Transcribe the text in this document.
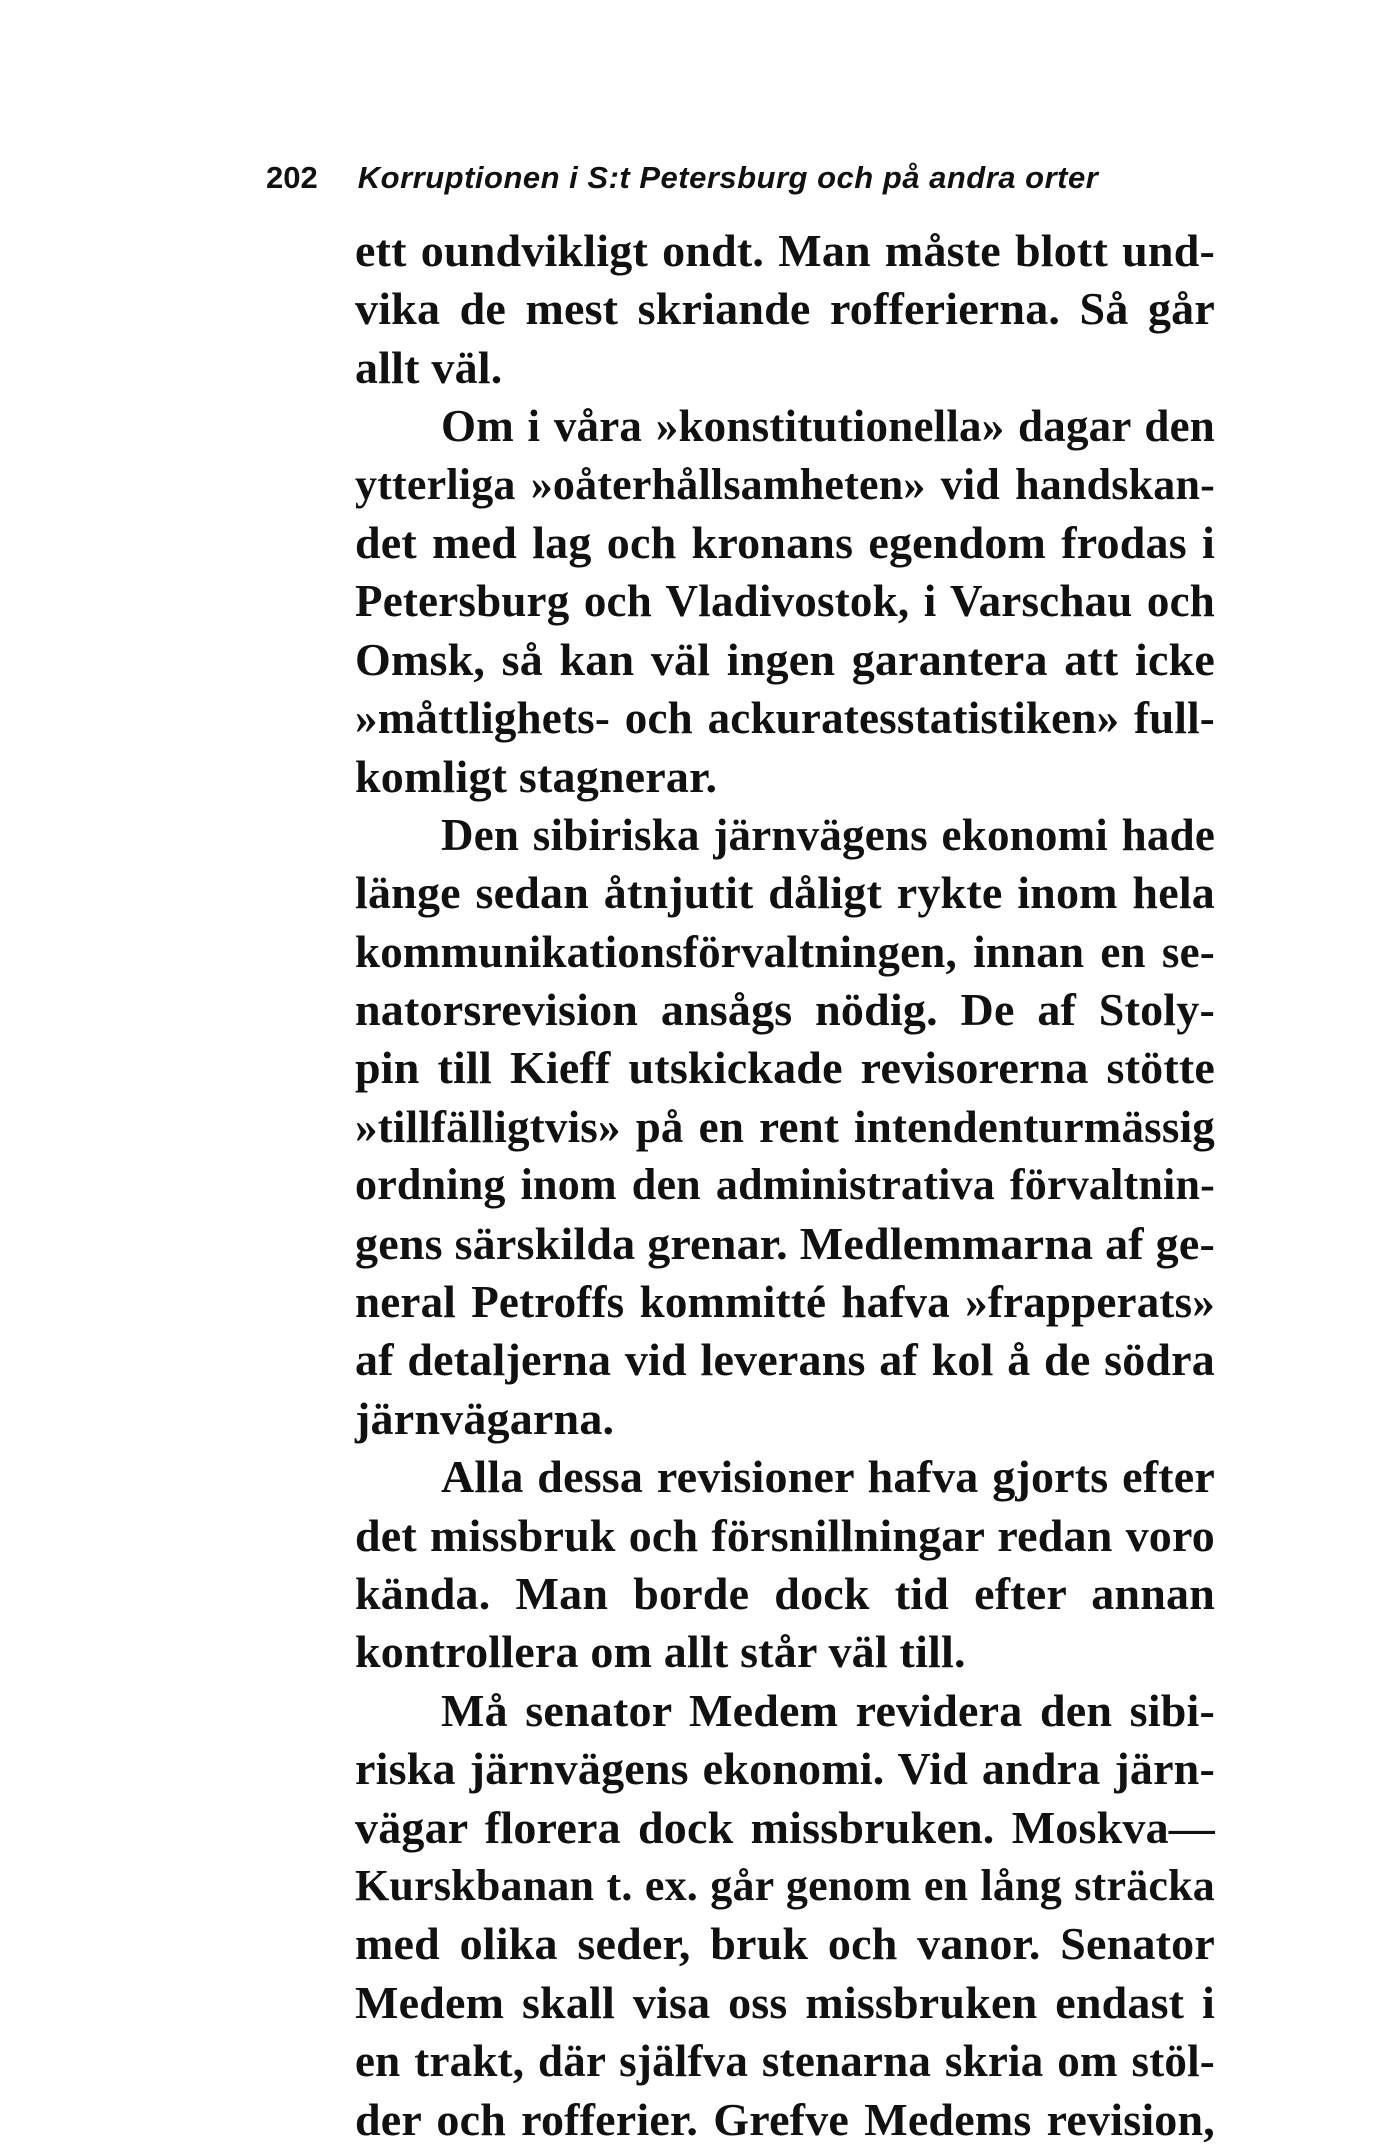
202 Korruptionen i S:t Petersburg och på andra orter
ett oundvikligt ondt. Man måste blott und-
vika de mest skriande rofferierna. Så går
allt väl.
Om i våra »konstitutionella» dagar den
ytterliga »oåterhållsamheten» vid handskan-
det med lag och kronans egendom frodas i
Petersburg och Vladivostok, i Varschau och
Omsk, så kan väl ingen garantera att icke
»måttlighets- och ackuratesstatistiken» full-
komligt stagnerar.
Den sibiriska järnvägens ekonomi hade
länge sedan åtnjutit dåligt rykte inom hela
kommunikationsförvaltningen, innan en se-
natorsrevision ansågs nödig. De af Stoly-
pin till Kieff utskickade revisorerna stötte
»tillfälligtvis» på en rent intendenturmässig
ordning inom den administrativa förvaltnin-
gens särskilda grenar. Medlemmarna af ge-
neral Petroffs kommitté hafva »frapperats»
af detaljerna vid leverans af kol å de södra
järnvägarna.
Alla dessa revisioner hafva gjorts efter
det missbruk och försnillningar redan voro
kända. Man borde dock tid efter annan
kontrollera om allt står väl till.
Må senator Medem revidera den sibi-
riska järnvägens ekonomi. Vid andra järn-
vägar florera dock missbruken. Moskva—
Kurskbanan t. ex. går genom en lång sträcka
med olika seder, bruk och vanor. Senator
Medem skall visa oss missbruken endast i
en trakt, där själfva stenarna skria om stöl-
der och rofferier. Grefve Medems revision,
